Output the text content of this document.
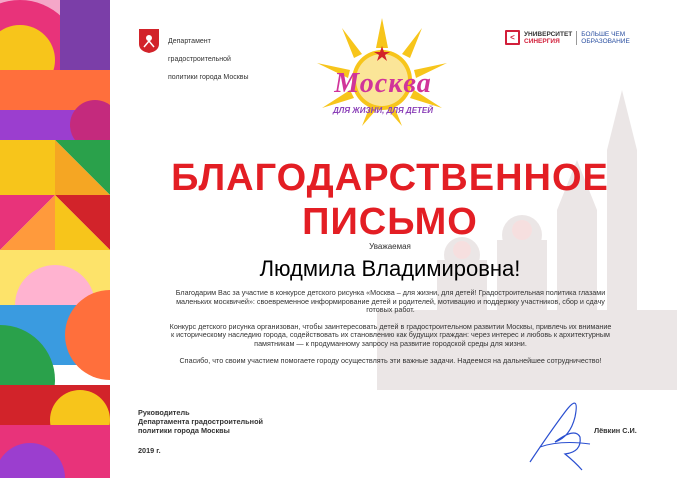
Департамент

градостроительной

политики города Москвы	Москва
ДЛЯ ЖИЗНИ, ДЛЯ ДЕТЕЙ
<	УНИВЕРСИТЕТ
СИНЕРГИЯ
БОЛЬШЕ ЧЕМ
ОБРАЗОВАНИЕ
БЛАГОДАРСТВЕННОЕ
ПИСЬМО
Уважаемая
Людмила Владимировна!

Благодарим Вас за участие в конкурсе детского рисунка «Москва – для жизни, для детей! Градостроительная политика глазами маленьких москвичей»: своевременное информирование детей и родителей, мотивацию и поддержку участников, сбор и сдачу готовых работ.

Конкурс детского рисунка организован, чтобы заинтересовать детей в градостроительном развитии Москвы, привлечь их внимание к историческому наследию города, содействовать их становлению как будущих граждан: через интерес и любовь к архитектурным памятникам — к продуманному запросу на развитие городской среды для жизни.

Спасибо, что своим участием помогаете городу осуществлять эти важные задачи. Надеемся на дальнейшее сотрудничество!

Руководитель
Департамента градостроительной
политики города Москвы
2019 г.
Лёвкин С.И.
